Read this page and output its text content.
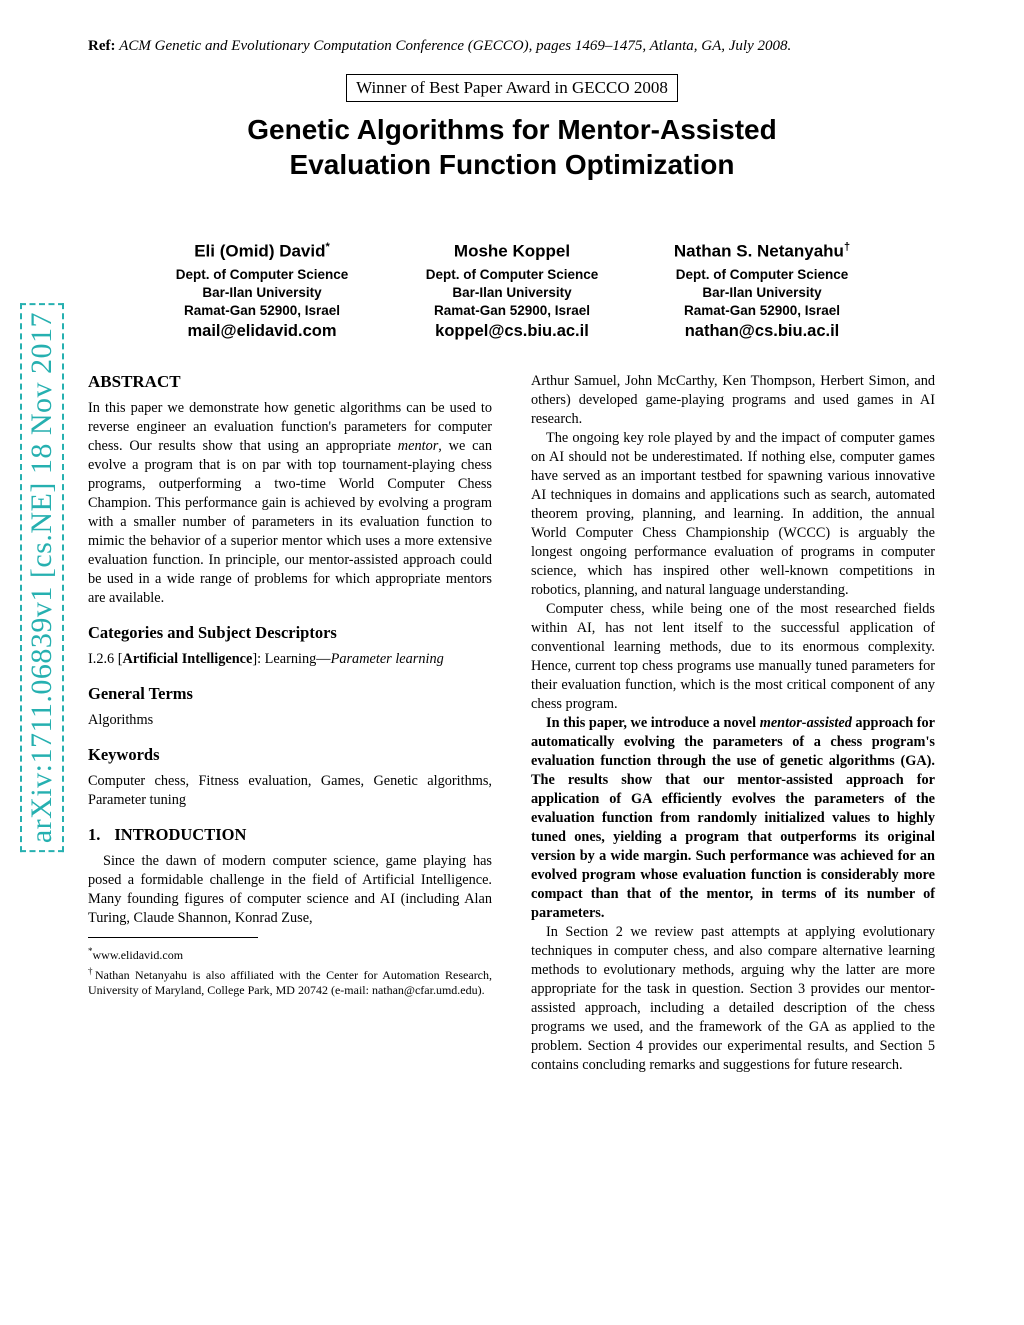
arXiv:1711.06839v1 [cs.NE] 18 Nov 2017
Ref: ACM Genetic and Evolutionary Computation Conference (GECCO), pages 1469–1475, Atlanta, GA, July 2008.
Winner of Best Paper Award in GECCO 2008
Genetic Algorithms for Mentor-Assisted
Evaluation Function Optimization
Eli (Omid) David*
Dept. of Computer Science
Bar-Ilan University
Ramat-Gan 52900, Israel
mail@elidavid.com
Moshe Koppel
Dept. of Computer Science
Bar-Ilan University
Ramat-Gan 52900, Israel
koppel@cs.biu.ac.il
Nathan S. Netanyahu†
Dept. of Computer Science
Bar-Ilan University
Ramat-Gan 52900, Israel
nathan@cs.biu.ac.il
ABSTRACT

In this paper we demonstrate how genetic algorithms can be used to reverse engineer an evaluation function's parameters for computer chess. Our results show that using an appropriate mentor, we can evolve a program that is on par with top tournament-playing chess programs, outperforming a two-time World Computer Chess Champion. This performance gain is achieved by evolving a program with a smaller number of parameters in its evaluation function to mimic the behavior of a superior mentor which uses a more extensive evaluation function. In principle, our mentor-assisted approach could be used in a wide range of problems for which appropriate mentors are available.

Categories and Subject Descriptors

I.2.6 [Artificial Intelligence]: Learning—Parameter learning

General Terms

Algorithms

Keywords

Computer chess, Fitness evaluation, Games, Genetic algorithms, Parameter tuning

1. INTRODUCTION

Since the dawn of modern computer science, game playing has posed a formidable challenge in the field of Artificial Intelligence. Many founding figures of computer science and AI (including Alan Turing, Claude Shannon, Konrad Zuse,

*www.elidavid.com

†Nathan Netanyahu is also affiliated with the Center for Automation Research, University of Maryland, College Park, MD 20742 (e-mail: nathan@cfar.umd.edu).

Arthur Samuel, John McCarthy, Ken Thompson, Herbert Simon, and others) developed game-playing programs and used games in AI research.

The ongoing key role played by and the impact of computer games on AI should not be underestimated. If nothing else, computer games have served as an important testbed for spawning various innovative AI techniques in domains and applications such as search, automated theorem proving, planning, and learning. In addition, the annual World Computer Chess Championship (WCCC) is arguably the longest ongoing performance evaluation of programs in computer science, which has inspired other well-known competitions in robotics, planning, and natural language understanding.

Computer chess, while being one of the most researched fields within AI, has not lent itself to the successful application of conventional learning methods, due to its enormous complexity. Hence, current top chess programs use manually tuned parameters for their evaluation function, which is the most critical component of any chess program.

In this paper, we introduce a novel mentor-assisted approach for automatically evolving the parameters of a chess program's evaluation function through the use of genetic algorithms (GA). The results show that our mentor-assisted approach for application of GA efficiently evolves the parameters of the evaluation function from randomly initialized values to highly tuned ones, yielding a program that outperforms its original version by a wide margin. Such performance was achieved for an evolved program whose evaluation function is considerably more compact than that of the mentor, in terms of its number of parameters.

In Section 2 we review past attempts at applying evolutionary techniques in computer chess, and also compare alternative learning methods to evolutionary methods, arguing why the latter are more appropriate for the task in question. Section 3 provides our mentor-assisted approach, including a detailed description of the chess programs we used, and the framework of the GA as applied to the problem. Section 4 provides our experimental results, and Section 5 contains concluding remarks and suggestions for future research.
